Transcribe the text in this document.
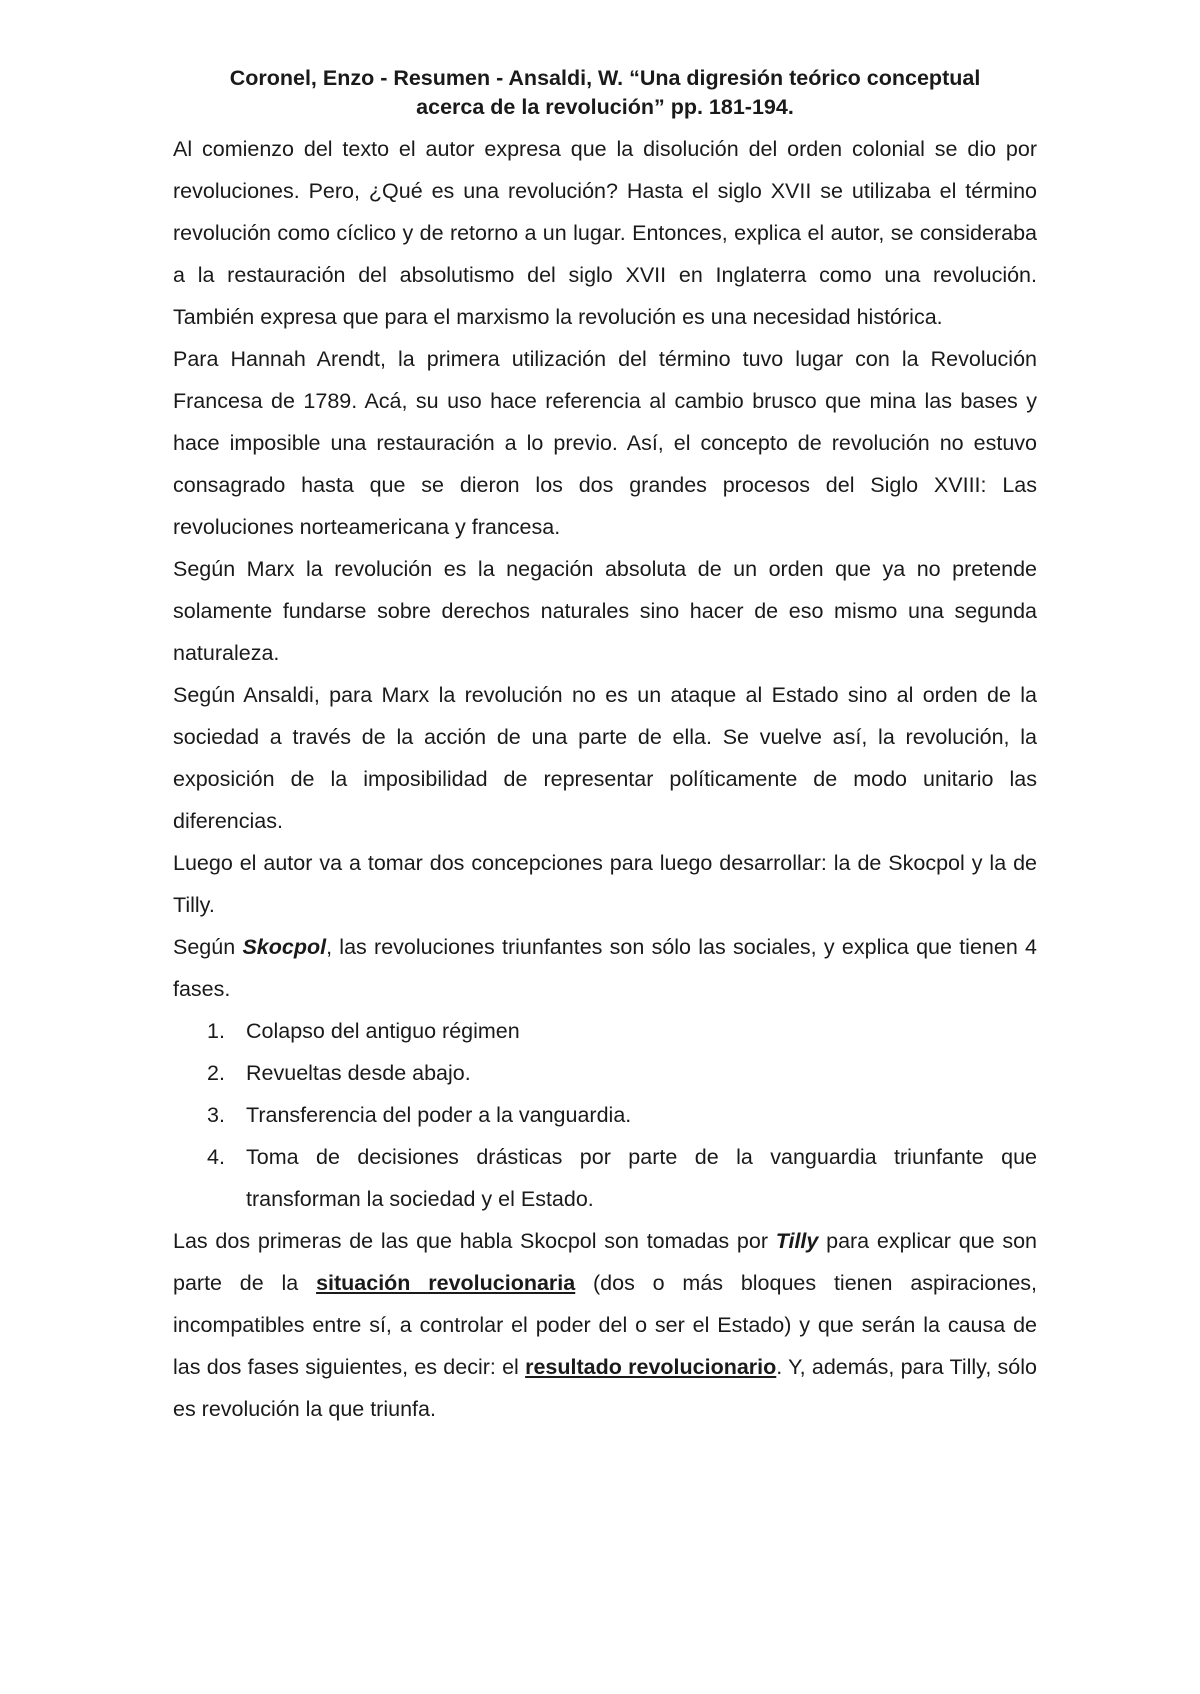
Coronel, Enzo - Resumen - Ansaldi, W. “Una digresión teórico conceptual
acerca de la revolución” pp. 181-194.

Al comienzo del texto el autor expresa que la disolución del orden colonial se dio por revoluciones. Pero, ¿Qué es una revolución? Hasta el siglo XVII se utilizaba el término revolución como cíclico y de retorno a un lugar. Entonces, explica el autor, se consideraba a la restauración del absolutismo del siglo XVII en Inglaterra como una revolución. También expresa que para el marxismo la revolución es una necesidad histórica.

Para Hannah Arendt, la primera utilización del término tuvo lugar con la Revolución Francesa de 1789. Acá, su uso hace referencia al cambio brusco que mina las bases y hace imposible una restauración a lo previo. Así, el concepto de revolución no estuvo consagrado hasta que se dieron los dos grandes procesos del Siglo XVIII: Las revoluciones norteamericana y francesa.

Según Marx la revolución es la negación absoluta de un orden que ya no pretende solamente fundarse sobre derechos naturales sino hacer de eso mismo una segunda naturaleza.

Según Ansaldi, para Marx la revolución no es un ataque al Estado sino al orden de la sociedad a través de la acción de una parte de ella. Se vuelve así, la revolución, la exposición de la imposibilidad de representar políticamente de modo unitario las diferencias.

Luego el autor va a tomar dos concepciones para luego desarrollar: la de Skocpol y la de Tilly.

Según Skocpol, las revoluciones triunfantes son sólo las sociales, y explica que tienen 4 fases.

1. Colapso del antiguo régimen
2. Revueltas desde abajo.
3. Transferencia del poder a la vanguardia.
4. Toma de decisiones drásticas por parte de la vanguardia triunfante que transforman la sociedad y el Estado.

Las dos primeras de las que habla Skocpol son tomadas por Tilly para explicar que son parte de la situación revolucionaria (dos o más bloques tienen aspiraciones, incompatibles entre sí, a controlar el poder del o ser el Estado) y que serán la causa de las dos fases siguientes, es decir: el resultado revolucionario. Y, además, para Tilly, sólo es revolución la que triunfa.
